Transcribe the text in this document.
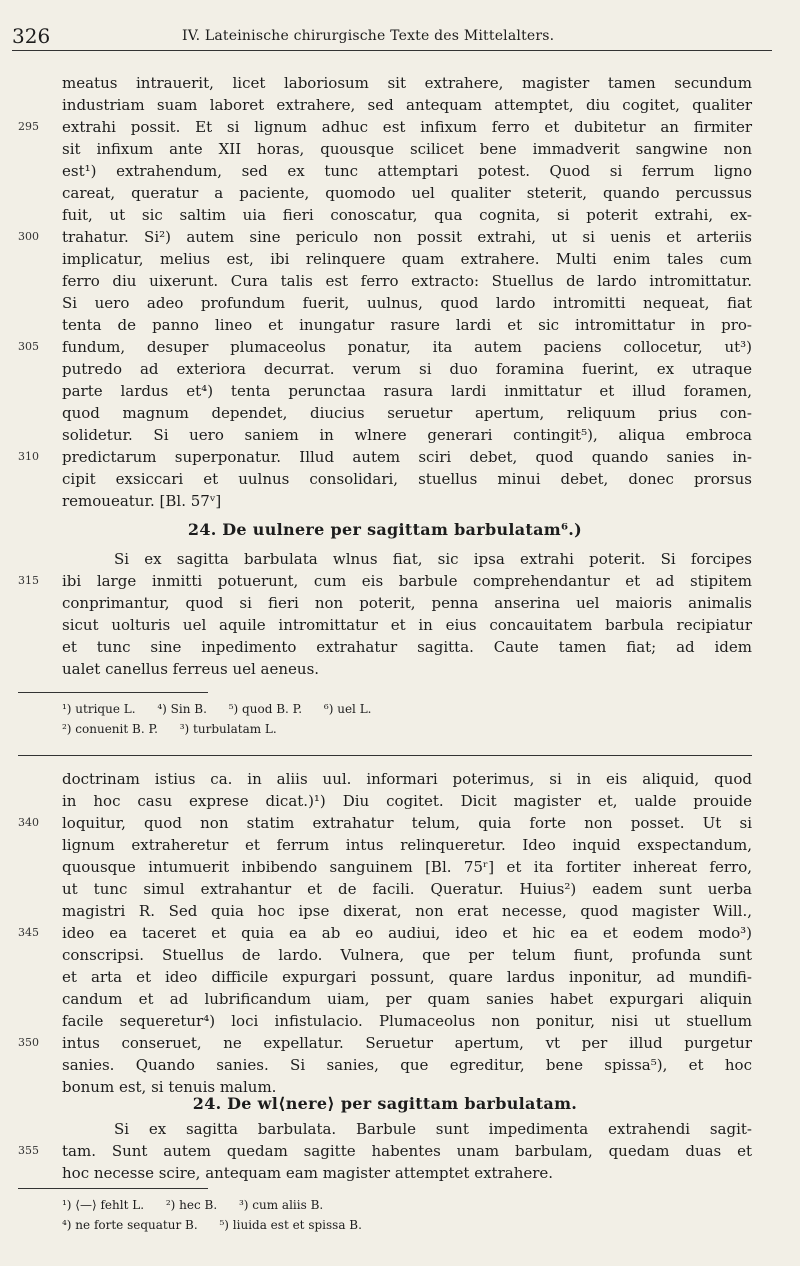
326	IV. Lateinische chirurgische Texte des Mittelalters.
meatus intrauerit, licet laboriosum sit extrahere, magister tamen secundum
industriam suam laboret extrahere, sed antequam attemptet, diu cogitet, qualiter
295	extrahi possit. Et si lignum adhuc est infixum ferro et dubitetur an firmiter
sit infixum ante XII horas, quousque scilicet bene immadverit sangwine non
est¹) extrahendum, sed ex tunc attemptari potest. Quod si ferrum ligno
careat, queratur a paciente, quomodo uel qualiter steterit, quando percussus
fuit, ut sic saltim uia fieri conoscatur, qua cognita, si poterit extrahi, ex-
300	trahatur. Si²) autem sine periculo non possit extrahi, ut si uenis et arteriis
implicatur, melius est, ibi relinquere quam extrahere. Multi enim tales cum
ferro diu uixerunt. Cura talis est ferro extracto: Stuellus de lardo intromittatur.
Si uero adeo profundum fuerit, uulnus, quod lardo intromitti nequeat, fiat
tenta de panno lineo et inungatur rasure lardi et sic intromittatur in pro-
305	fundum, desuper plumaceolus ponatur, ita autem paciens collocetur, ut³)
putredo ad exteriora decurrat. verum si duo foramina fuerint, ex utraque
parte lardus et⁴) tenta perunctaa rasura lardi inmittatur et illud foramen,
quod magnum dependet, diucius seruetur apertum, reliquum prius con-
solidetur. Si uero saniem in wlnere generari contingit⁵), aliqua embroca
310	predictarum superponatur. Illud autem sciri debet, quod quando sanies in-
cipit exsiccari et uulnus consolidari, stuellus minui debet, donec prorsus
remoueatur. [Bl. 57ᵛ]
24. De uulnere per sagittam barbulatam⁶.)
Si ex sagitta barbulata wlnus fiat, sic ipsa extrahi poterit. Si forcipes
315	ibi large inmitti potuerunt, cum eis barbule comprehendantur et ad stipitem
conprimantur, quod si fieri non poterit, penna anserina uel maioris animalis
sicut uolturis uel aquile intromittatur et in eius concauitatem barbula recipiatur
et tunc sine inpedimento extrahatur sagitta. Caute tamen fiat; ad idem
ualet canellus ferreus uel aeneus.
¹) utrique L. ⁴) Sin B. ⁵) quod B. P. ⁶) uel L.
²) conuenit B. P. ³) turbulatam L.
doctrinam istius ca. in aliis uul. informari poterimus, si in eis aliquid, quod
in hoc casu exprese dicat.)¹) Diu cogitet. Dicit magister et, ualde prouide
340	loquitur, quod non statim extrahatur telum, quia forte non posset. Ut si
lignum extraheretur et ferrum intus relinqueretur. Ideo inquid exspectandum,
quousque intumuerit inbibendo sanguinem [Bl. 75ʳ] et ita fortiter inhereat ferro,
ut tunc simul extrahantur et de facili. Queratur. Huius²) eadem sunt uerba
magistri R. Sed quia hoc ipse dixerat, non erat necesse, quod magister Will.,
345	ideo ea taceret et quia ea ab eo audiui, ideo et hic ea et eodem modo³)
conscripsi. Stuellus de lardo. Vulnera, que per telum fiunt, profunda sunt
et arta et ideo difficile expurgari possunt, quare lardus inponitur, ad mundifi-
candum et ad lubrificandum uiam, per quam sanies habet expurgari aliquin
facile sequeretur⁴) loci infistulacio. Plumaceolus non ponitur, nisi ut stuellum
350	intus conseruet, ne expellatur. Seruetur apertum, vt per illud purgetur
sanies. Quando sanies. Si sanies, que egreditur, bene spissa⁵), et hoc
bonum est, si tenuis malum.
24. De wl⟨nere⟩ per sagittam barbulatam.
Si ex sagitta barbulata. Barbule sunt impedimenta extrahendi sagit-
355	tam. Sunt autem quedam sagitte habentes unam barbulam, quedam duas et
hoc necesse scire, antequam eam magister attemptet extrahere.
¹) ⟨—⟩ fehlt L. ²) hec B. ³) cum aliis B.
⁴) ne forte sequatur B. ⁵) liuida est et spissa B.
